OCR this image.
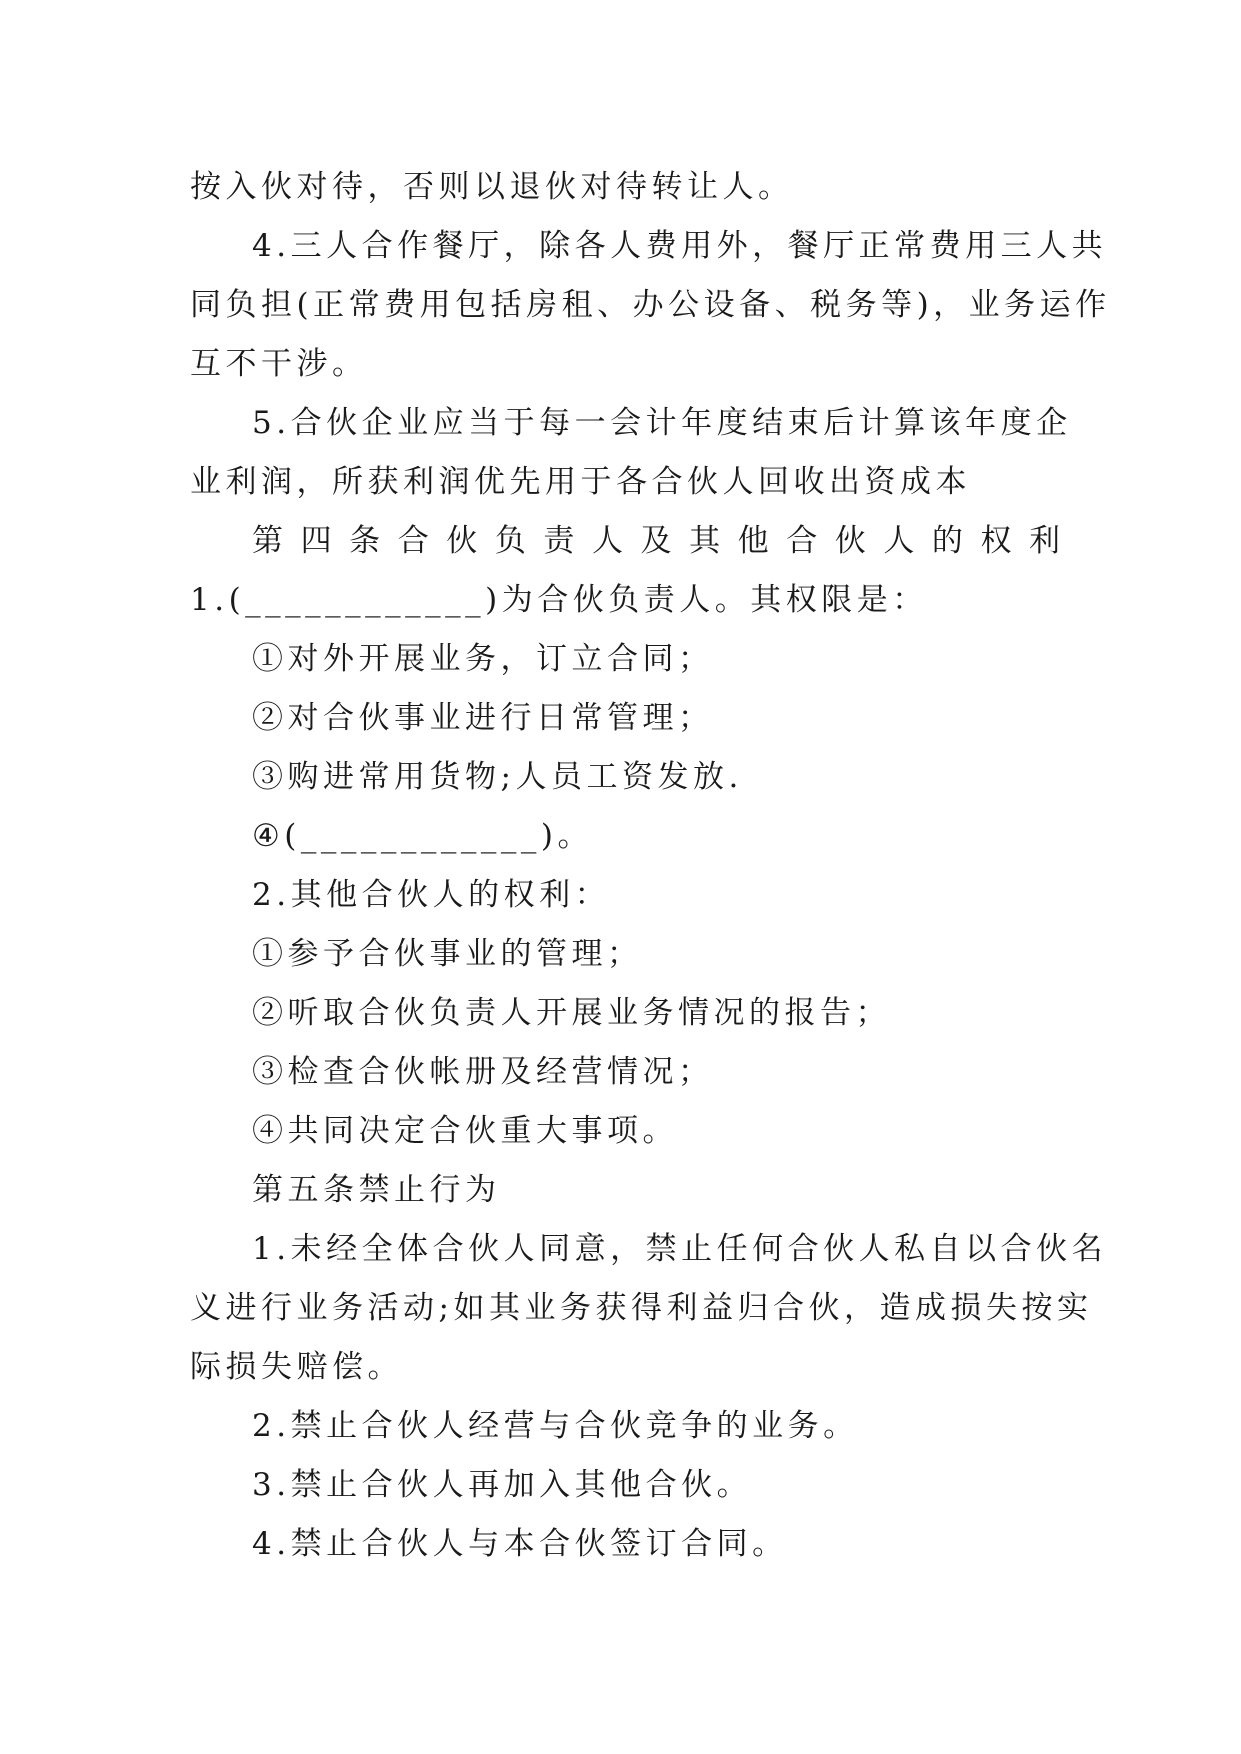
按入伙对待，否则以退伙对待转让人。
4.三人合作餐厅，除各人费用外，餐厅正常费用三人共
同负担(正常费用包括房租、办公设备、税务等)，业务运作
互不干涉。
5.合伙企业应当于每一会计年度结束后计算该年度企
业利润，所获利润优先用于各合伙人回收出资成本
第 四 条 合 伙 负 责 人 及 其 他 合 伙 人 的 权 利
1.(____________)为合伙负责人。其权限是：
①对外开展业务，订立合同；
②对合伙事业进行日常管理；
③购进常用货物;人员工资发放.
④(____________)。
2.其他合伙人的权利：
①参予合伙事业的管理；
②听取合伙负责人开展业务情况的报告；
③检查合伙帐册及经营情况；
④共同决定合伙重大事项。
第五条禁止行为
1.未经全体合伙人同意，禁止任何合伙人私自以合伙名
义进行业务活动;如其业务获得利益归合伙，造成损失按实
际损失赔偿。
2.禁止合伙人经营与合伙竞争的业务。
3.禁止合伙人再加入其他合伙。
4.禁止合伙人与本合伙签订合同。
